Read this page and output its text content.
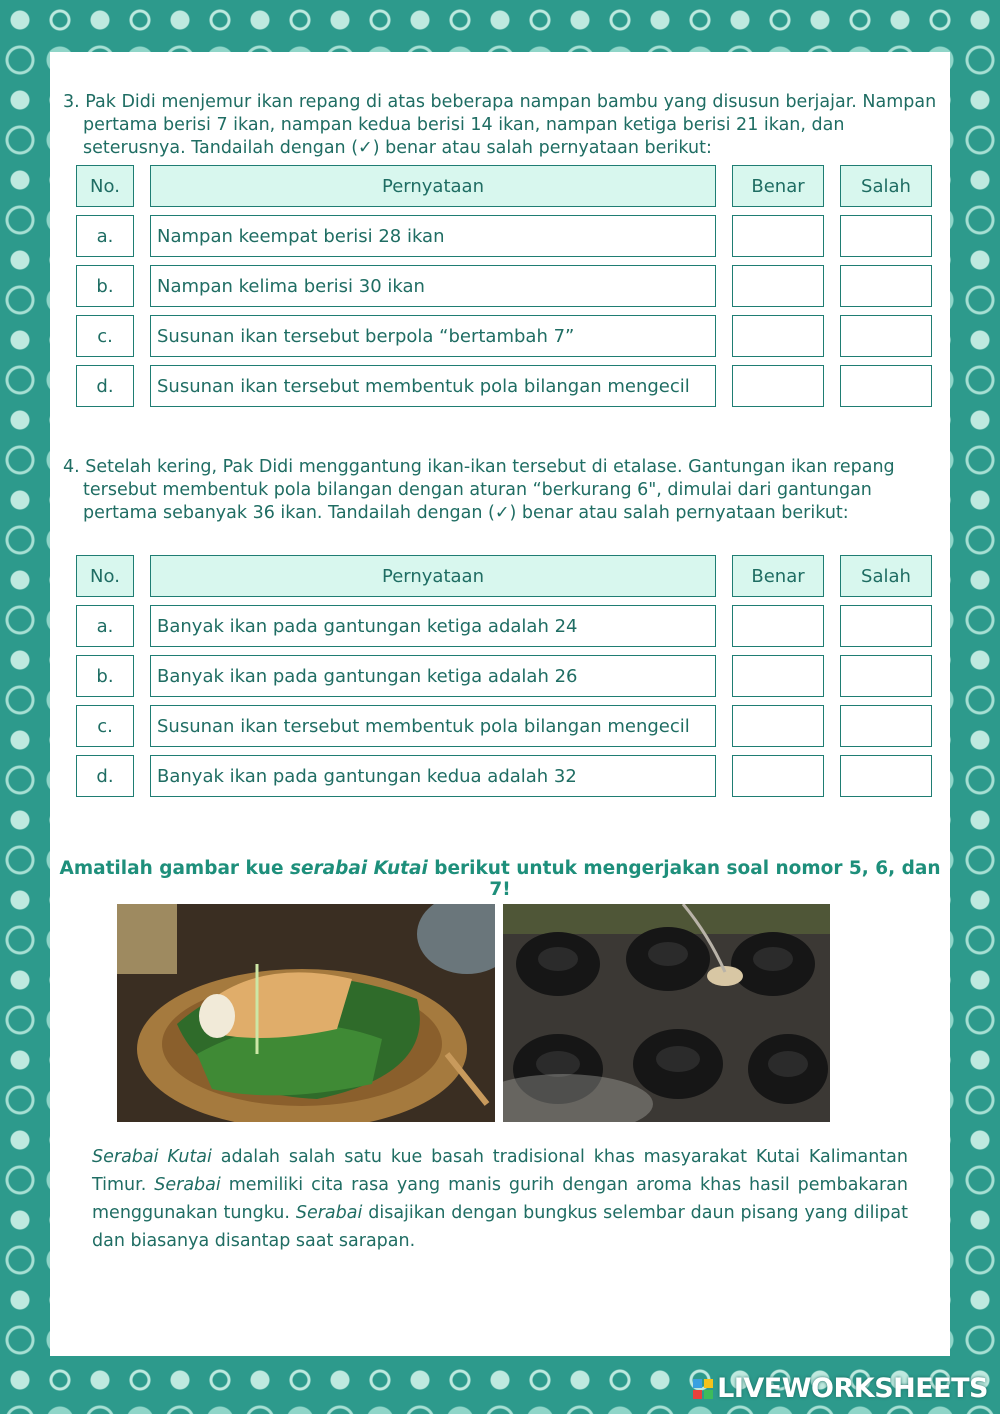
3. Pak Didi menjemur ikan repang di atas beberapa nampan bambu yang disusun berjajar. Nampan pertama berisi 7 ikan, nampan kedua berisi 14 ikan, nampan ketiga berisi 21 ikan, dan seterusnya. Tandailah dengan (✓) benar atau salah pernyataan berikut:
No.	Pernyataan	Benar	Salah
a.	Nampan keempat berisi 28 ikan		
b.	Nampan kelima berisi 30 ikan		
c.	Susunan ikan tersebut berpola “bertambah 7”		
d.	Susunan ikan tersebut membentuk pola bilangan mengecil		
4. Setelah kering, Pak Didi menggantung ikan-ikan tersebut di etalase. Gantungan ikan repang tersebut membentuk pola bilangan dengan aturan “berkurang 6", dimulai dari gantungan pertama sebanyak 36 ikan. Tandailah dengan (✓) benar atau salah pernyataan berikut:
No.	Pernyataan	Benar	Salah
a.	Banyak ikan pada gantungan ketiga adalah 24		
b.	Banyak ikan pada gantungan ketiga adalah 26		
c.	Susunan ikan tersebut membentuk pola bilangan mengecil		
d.	Banyak ikan pada gantungan kedua adalah 32		
Amatilah gambar kue serabai Kutai berikut untuk mengerjakan soal nomor 5, 6, dan 7!
Serabai Kutai adalah salah satu kue basah tradisional khas masyarakat Kutai Kalimantan Timur. Serabai memiliki cita rasa yang manis gurih dengan aroma khas hasil pembakaran menggunakan tungku. Serabai disajikan dengan bungkus selembar daun pisang yang dilipat dan biasanya disantap saat sarapan.
LIVEWORKSHEETS
